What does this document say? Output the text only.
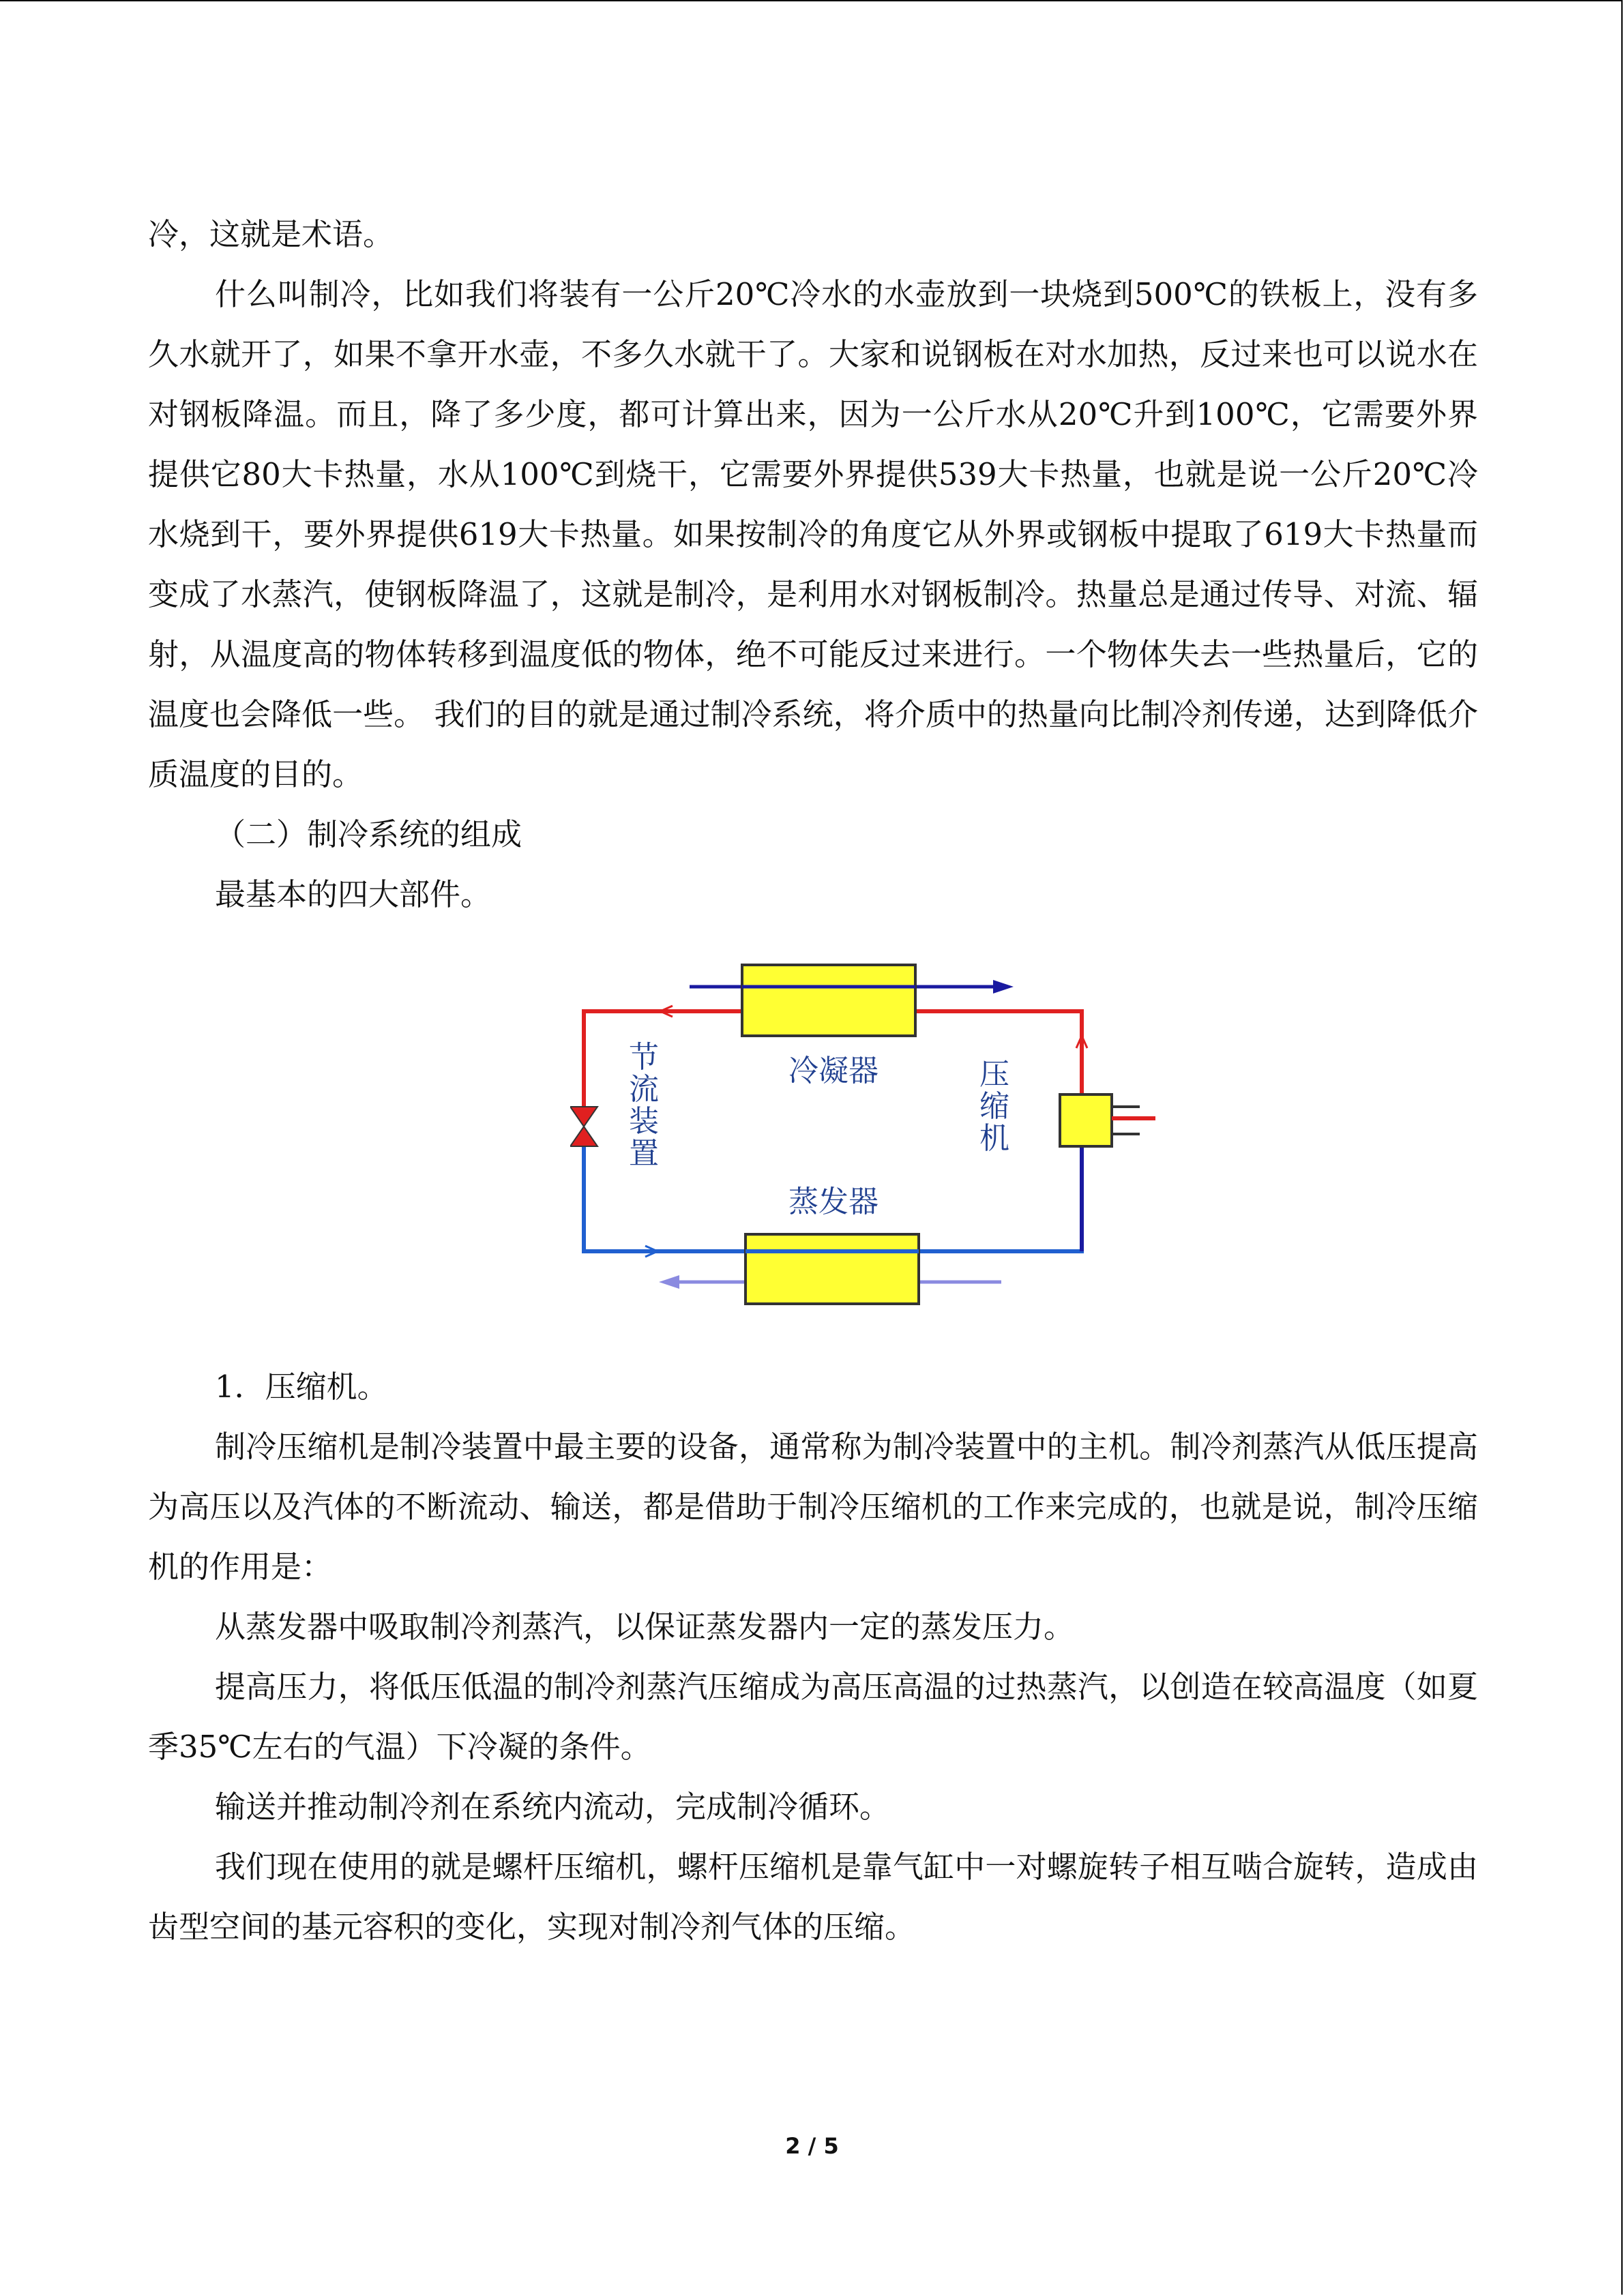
冷，这就是术语。

什么叫制冷，比如我们将装有一公斤20℃冷水的水壶放到一块烧到500℃的铁板上，没有多久水就开了，如果不拿开水壶，不多久水就干了。大家和说钢板在对水加热，反过来也可以说水在对钢板降温。而且，降了多少度，都可计算出来，因为一公斤水从20℃升到100℃，它需要外界提供它80大卡热量，水从100℃到烧干，它需要外界提供539大卡热量，也就是说一公斤20℃冷水烧到干，要外界提供619大卡热量。如果按制冷的角度它从外界或钢板中提取了619大卡热量而变成了水蒸汽，使钢板降温了，这就是制冷，是利用水对钢板制冷。热量总是通过传导、对流、辐射，从温度高的物体转移到温度低的物体，绝不可能反过来进行。一个物体失去一些热量后，它的温度也会降低一些。 我们的目的就是通过制冷系统，将介质中的热量向比制冷剂传递，达到降低介质温度的目的。

（二）制冷系统的组成

最基本的四大部件。

冷凝器
蒸发器
节
流
装
置
压
缩
机

1．压缩机。

制冷压缩机是制冷装置中最主要的设备，通常称为制冷装置中的主机。制冷剂蒸汽从低压提高为高压以及汽体的不断流动、输送，都是借助于制冷压缩机的工作来完成的，也就是说，制冷压缩机的作用是：

从蒸发器中吸取制冷剂蒸汽，以保证蒸发器内一定的蒸发压力。

提高压力，将低压低温的制冷剂蒸汽压缩成为高压高温的过热蒸汽，以创造在较高温度（如夏季35℃左右的气温）下冷凝的条件。

输送并推动制冷剂在系统内流动，完成制冷循环。

我们现在使用的就是螺杆压缩机，螺杆压缩机是靠气缸中一对螺旋转子相互啮合旋转，造成由齿型空间的基元容积的变化，实现对制冷剂气体的压缩。

2 / 5
